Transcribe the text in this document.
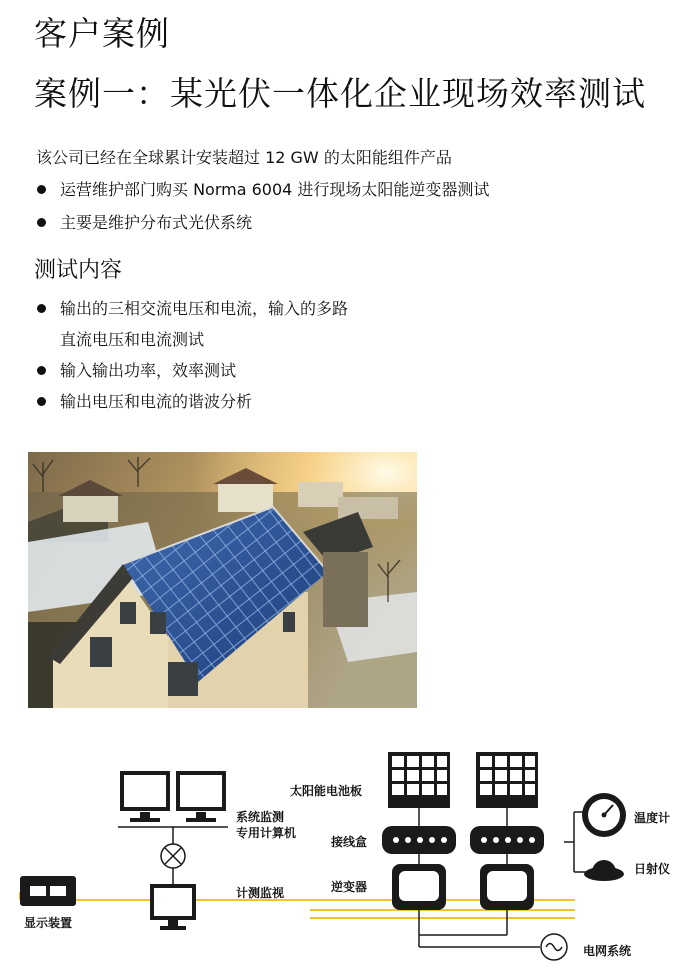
客户案例
案例一：某光伏一体化企业现场效率测试
该公司已经在全球累计安装超过 12 GW 的太阳能组件产品
运营维护部门购买 Norma 6004 进行现场太阳能逆变器测试
主要是维护分布式光伏系统
测试内容
输出的三相交流电压和电流，输入的多路
直流电压和电流测试
输入输出功率，效率测试
输出电压和电流的谐波分析
太阳能电池板
接线盒
逆变器
系统监测
专用计算机
计测监视
显示装置
温度计
日射仪
电网系统
